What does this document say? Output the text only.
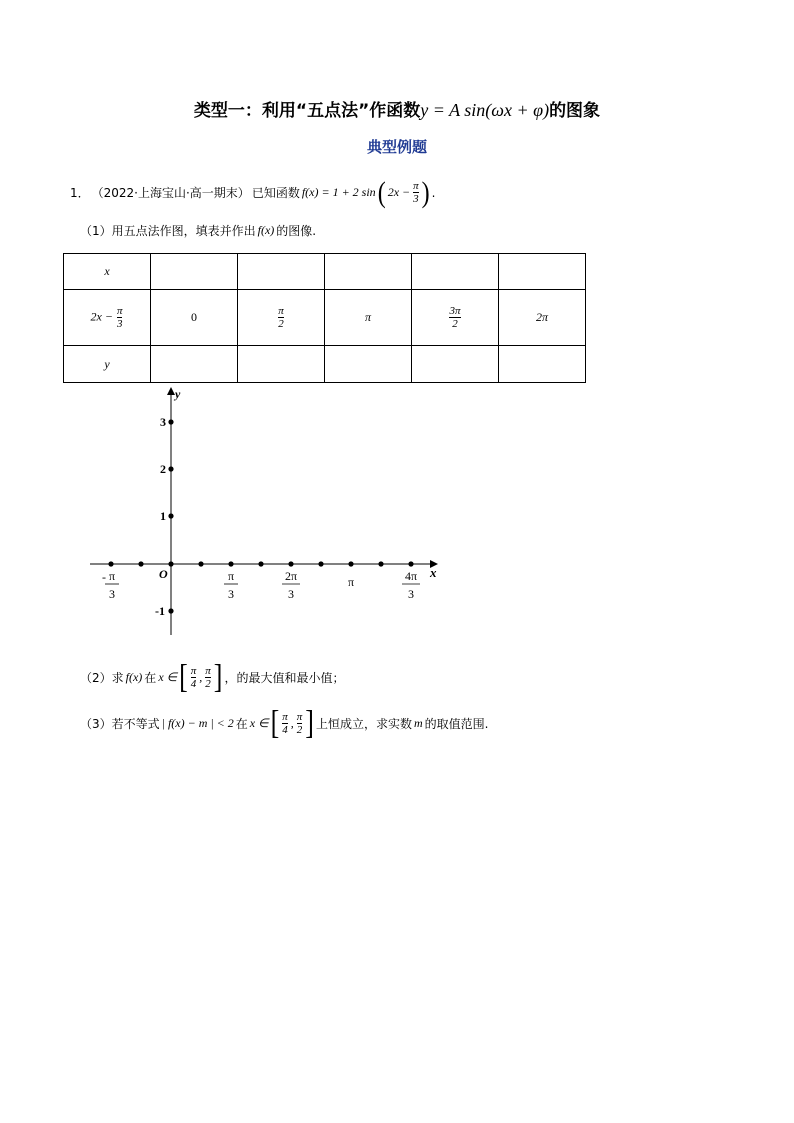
类型一：利用“五点法”作函数y = A sin(ωx + φ)的图象
典型例题
1． （2022·上海宝山·高一期末） 已知函数 f(x) = 1 + 2 sin ( $2x - \frac{\pi}{3}$ ) .
（1）用五点法作图，填表并作出 f(x) 的图像.
x					
$2x - \frac{\pi}{3}$	0	$\frac{\pi}{2}$	π	$\frac{3\pi}{2}$	2π
y					
y
x
O
3
2
1
-1
- π
3
π
3
2π
3
π	4π
3
（2）求 f(x) 在 x ∈ [ $\frac{\pi}{4}$ , $\frac{\pi}{2}$ ] ，的最大值和最小值；
（3）若不等式 | f(x) − m | < 2 在 x ∈ [ $\frac{\pi}{4}$ , $\frac{\pi}{2}$ ] 上恒成立，求实数 m 的取值范围.
